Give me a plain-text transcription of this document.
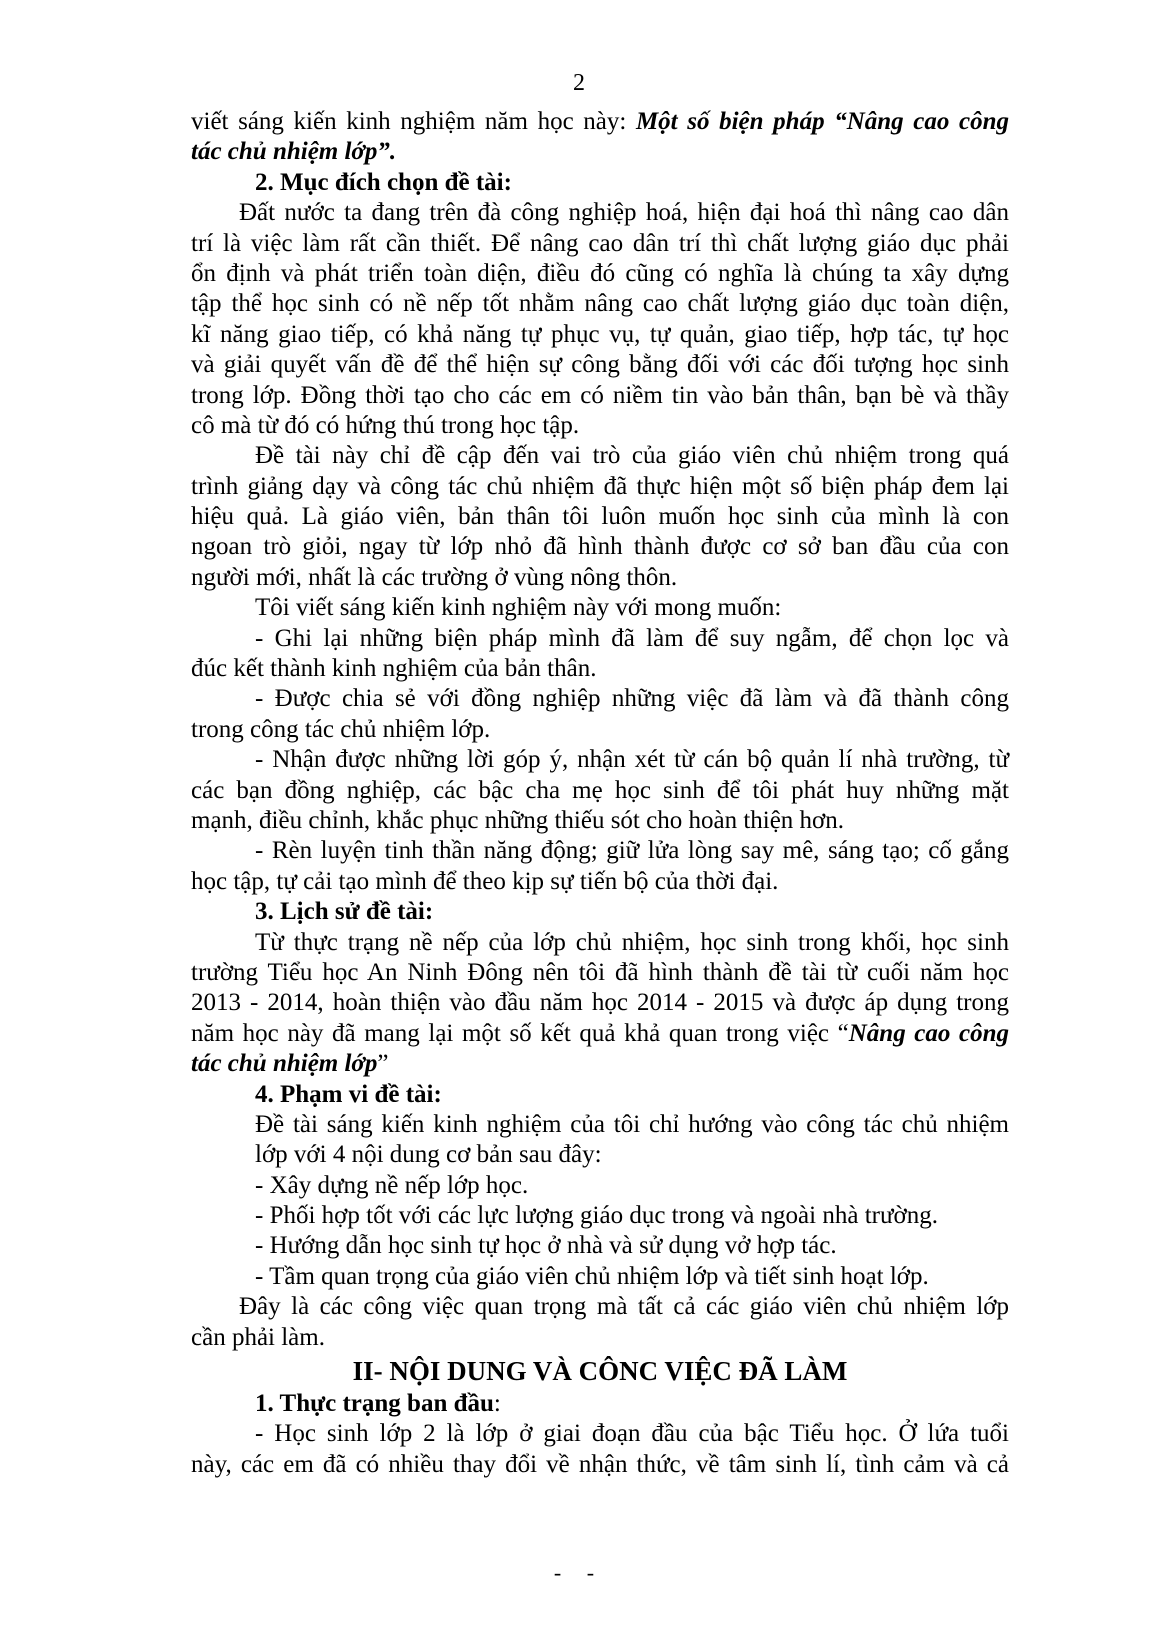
2
viết sáng kiến kinh nghiệm năm học này: Một số biện pháp “Nâng cao công
tác chủ nhiệm lớp”.
2. Mục đích chọn đề tài:
Đất nước ta đang trên đà công nghiệp hoá, hiện đại hoá thì nâng cao dân
trí là việc làm rất cần thiết. Để nâng cao dân trí thì chất lượng giáo dục phải
ổn định và phát triển toàn diện, điều đó cũng có nghĩa là chúng ta xây dựng
tập thể học sinh có nề nếp tốt nhằm nâng cao chất lượng giáo dục toàn diện,
kĩ năng giao tiếp, có khả năng tự phục vụ, tự quản, giao tiếp, hợp tác, tự học
và giải quyết vấn đề để thể hiện sự công bằng đối với các đối tượng học sinh
trong lớp. Đồng thời tạo cho các em có niềm tin vào bản thân, bạn bè và thầy
cô mà từ đó có hứng thú trong học tập.
Đề tài này chỉ đề cập đến vai trò của giáo viên chủ nhiệm trong quá
trình giảng dạy và công tác chủ nhiệm đã thực hiện một số biện pháp đem lại
hiệu quả. Là giáo viên, bản thân tôi luôn muốn học sinh của mình là con
ngoan trò giỏi, ngay từ lớp nhỏ đã hình thành được cơ sở ban đầu của con
người mới, nhất là các trường ở vùng nông thôn.
Tôi viết sáng kiến kinh nghiệm này với mong muốn:
- Ghi lại những biện pháp mình đã làm để suy ngẫm, để chọn lọc và
đúc kết thành kinh nghiệm của bản thân.
- Được chia sẻ với đồng nghiệp những việc đã làm và đã thành công
trong công tác chủ nhiệm lớp.
- Nhận được những lời góp ý, nhận xét từ cán bộ quản lí nhà trường, từ
các bạn đồng nghiệp, các bậc cha mẹ học sinh để tôi phát huy những mặt
mạnh, điều chỉnh, khắc phục những thiếu sót cho hoàn thiện hơn.
- Rèn luyện tinh thần năng động; giữ lửa lòng say mê, sáng tạo; cố gắng
học tập, tự cải tạo mình để theo kịp sự tiến bộ của thời đại.
3. Lịch sử đề tài:
Từ thực trạng nề nếp của lớp chủ nhiệm, học sinh trong khối, học sinh
trường Tiểu học An Ninh Đông nên tôi đã hình thành đề tài từ cuối năm học
2013 - 2014, hoàn thiện vào đầu năm học 2014 - 2015 và được áp dụng trong
năm học này đã mang lại một số kết quả khả quan trong việc “Nâng cao công
tác chủ nhiệm lớp”
4. Phạm vi đề tài:
Đề tài sáng kiến kinh nghiệm của tôi chỉ hướng vào công tác chủ nhiệm
lớp với 4 nội dung cơ bản sau đây:
- Xây dựng nề nếp lớp học.
- Phối hợp tốt với các lực lượng giáo dục trong và ngoài nhà trường.
- Hướng dẫn học sinh tự học ở nhà và sử dụng vở hợp tác.
- Tầm quan trọng của giáo viên chủ nhiệm lớp và tiết sinh hoạt lớp.
Đây là các công việc quan trọng mà tất cả các giáo viên chủ nhiệm lớp
cần phải làm.
II- NỘI DUNG VÀ CÔNC VIỆC ĐÃ LÀM
1. Thực trạng ban đầu:
- Học sinh lớp 2 là lớp ở giai đoạn đầu của bậc Tiểu học. Ở lứa tuổi
này, các em đã có nhiều thay đổi về nhận thức, về tâm sinh lí, tình cảm và cả
- -
